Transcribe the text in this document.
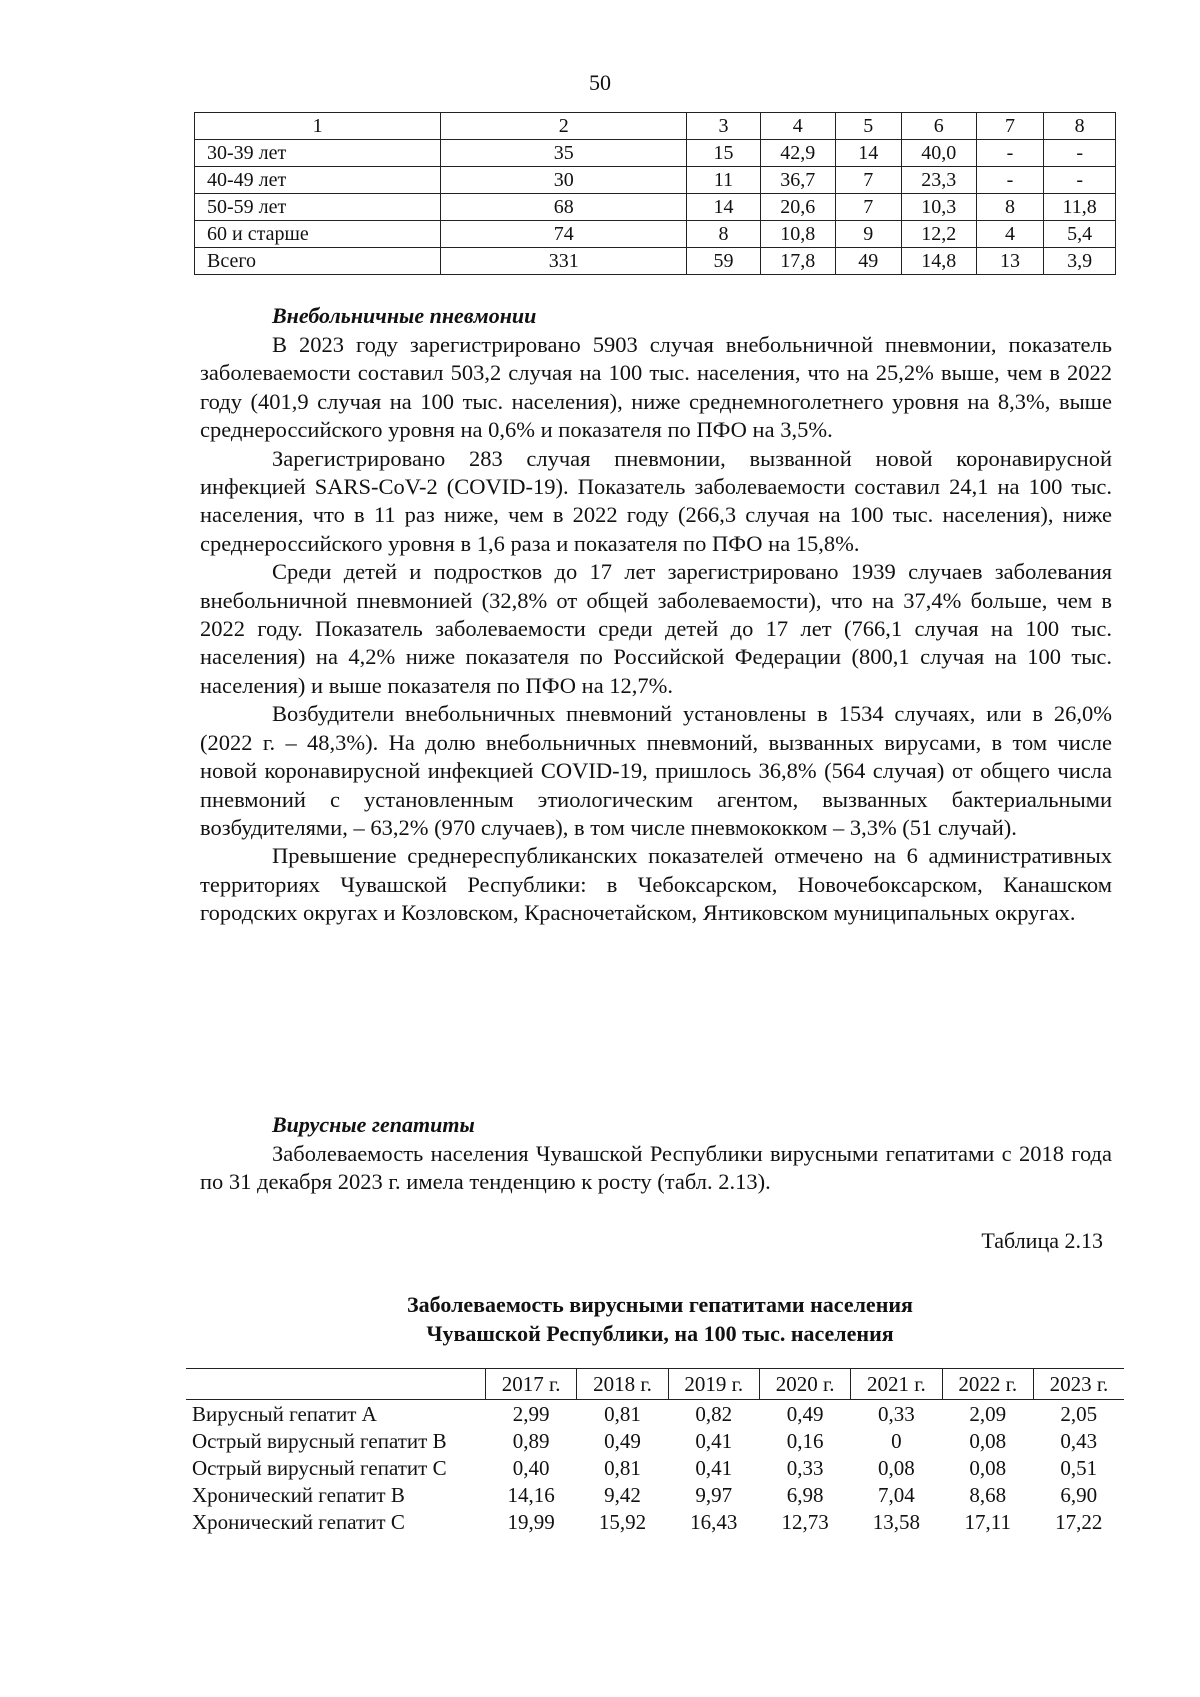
50
1	2	3	4	5	6	7	8
30-39 лет	35	15	42,9	14	40,0	-	-
40-49 лет	30	11	36,7	7	23,3	-	-
50-59 лет	68	14	20,6	7	10,3	8	11,8
60 и старше	74	8	10,8	9	12,2	4	5,4
Всего	331	59	17,8	49	14,8	13	3,9
Внебольничные пневмонии

В 2023 году зарегистрировано 5903 случая внебольничной пневмонии, показатель заболеваемости составил 503,2 случая на 100 тыс. населения, что на 25,2% выше, чем в 2022 году (401,9 случая на 100 тыс. населения), ниже среднемноголетнего уровня на 8,3%, выше среднероссийского уровня на 0,6% и показателя по ПФО на 3,5%.

Зарегистрировано 283 случая пневмонии, вызванной новой коронавирусной инфекцией SARS-CoV-2 (COVID-19). Показатель заболеваемости составил 24,1 на 100 тыс. населения, что в 11 раз ниже, чем в 2022 году (266,3 случая на 100 тыс. населения), ниже среднероссийского уровня в 1,6 раза и показателя по ПФО на 15,8%.

Среди детей и подростков до 17 лет зарегистрировано 1939 случаев заболевания внебольничной пневмонией (32,8% от общей заболеваемости), что на 37,4% больше, чем в 2022 году. Показатель заболеваемости среди детей до 17 лет (766,1 случая на 100 тыс. населения) на 4,2% ниже показателя по Российской Федерации (800,1 случая на 100 тыс. населения) и выше показателя по ПФО на 12,7%.

Возбудители внебольничных пневмоний установлены в 1534 случаях, или в 26,0% (2022 г. – 48,3%). На долю внебольничных пневмоний, вызванных вирусами, в том числе новой коронавирусной инфекцией COVID-19, пришлось 36,8% (564 случая) от общего числа пневмоний с установленным этиологическим агентом, вызванных бактериальными возбудителями, – 63,2% (970 случаев), в том числе пневмококком – 3,3% (51 случай).

Превышение среднереспубликанских показателей отмечено на 6 административных территориях Чувашской Республики: в Чебоксарском, Новочебоксарском, Канашском городских округах и Козловском, Красночетайском, Янтиковском муниципальных округах.

Вирусные гепатиты

Заболеваемость населения Чувашской Республики вирусными гепатитами с 2018 года по 31 декабря 2023 г. имела тенденцию к росту (табл. 2.13).

Таблица 2.13
Заболеваемость вирусными гепатитами населения
Чувашской Республики, на 100 тыс. населения
	2017 г.	2018 г.	2019 г.	2020 г.	2021 г.	2022 г.	2023 г.
Вирусный гепатит А	2,99	0,81	0,82	0,49	0,33	2,09	2,05
Острый вирусный гепатит В	0,89	0,49	0,41	0,16	0	0,08	0,43
Острый вирусный гепатит С	0,40	0,81	0,41	0,33	0,08	0,08	0,51
Хронический гепатит В	14,16	9,42	9,97	6,98	7,04	8,68	6,90
Хронический гепатит С	19,99	15,92	16,43	12,73	13,58	17,11	17,22
